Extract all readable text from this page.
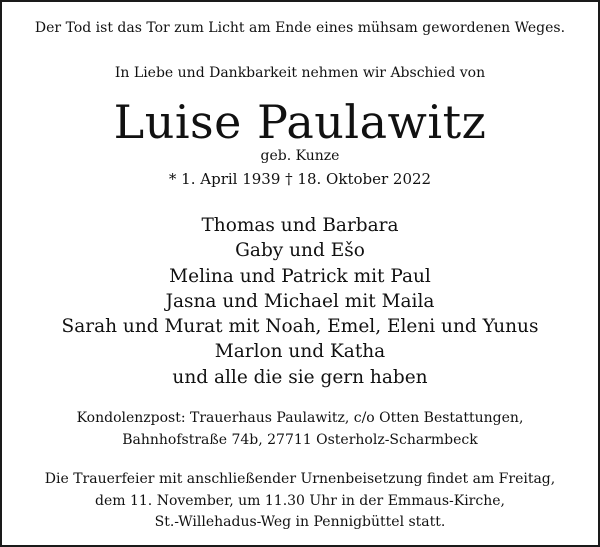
Der Tod ist das Tor zum Licht am Ende eines mühsam gewordenen Weges.
In Liebe und Dankbarkeit nehmen wir Abschied von
Luise Paulawitz
geb. Kunze
* 1. April 1939 † 18. Oktober 2022
Thomas und Barbara
Gaby und Ešo
Melina und Patrick mit Paul
Jasna und Michael mit Maila
Sarah und Murat mit Noah, Emel, Eleni und Yunus
Marlon und Katha
und alle die sie gern haben
Kondolenzpost: Trauerhaus Paulawitz, c/o Otten Bestattungen,
Bahnhofstraße 74b, 27711 Osterholz-Scharmbeck
Die Trauerfeier mit anschließender Urnenbeisetzung findet am Freitag,
dem 11. November, um 11.30 Uhr in der Emmaus-Kirche,
St.-Willehadus-Weg in Pennigbüttel statt.
